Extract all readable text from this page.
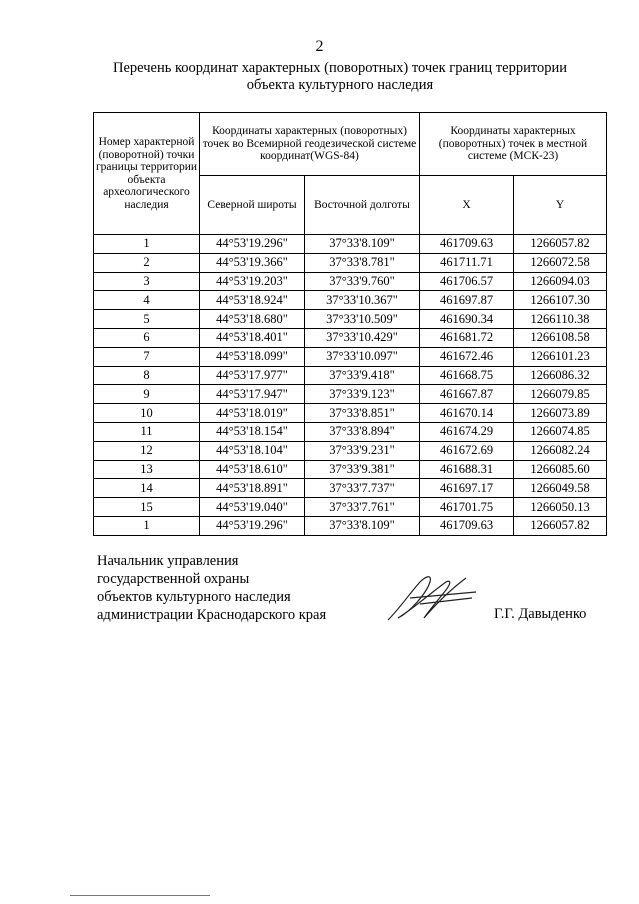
2
Перечень координат характерных (поворотных) точек границ территории
объекта культурного наследия
Номер характерной (поворотной) точки границы территории объекта археологического наследия	Координаты характерных (поворотных) точек во Всемирной геодезической системе координат(WGS-84)		Координаты характерных (поворотных) точек в местной системе (МСК-23)	
	Северной широты	Восточной долготы	X	Y
1	44°53'19.296"	37°33'8.109"	461709.63	1266057.82
2	44°53'19.366"	37°33'8.781"	461711.71	1266072.58
3	44°53'19.203"	37°33'9.760"	461706.57	1266094.03
4	44°53'18.924"	37°33'10.367"	461697.87	1266107.30
5	44°53'18.680"	37°33'10.509"	461690.34	1266110.38
6	44°53'18.401"	37°33'10.429"	461681.72	1266108.58
7	44°53'18.099"	37°33'10.097"	461672.46	1266101.23
8	44°53'17.977"	37°33'9.418"	461668.75	1266086.32
9	44°53'17.947"	37°33'9.123"	461667.87	1266079.85
10	44°53'18.019"	37°33'8.851"	461670.14	1266073.89
11	44°53'18.154"	37°33'8.894"	461674.29	1266074.85
12	44°53'18.104"	37°33'9.231"	461672.69	1266082.24
13	44°53'18.610"	37°33'9.381"	461688.31	1266085.60
14	44°53'18.891"	37°33'7.737"	461697.17	1266049.58
15	44°53'19.040"	37°33'7.761"	461701.75	1266050.13
1	44°53'19.296"	37°33'8.109"	461709.63	1266057.82
Начальник управления
государственной охраны
объектов культурного наследия
администрации Краснодарского края	Г.Г. Давыденко
